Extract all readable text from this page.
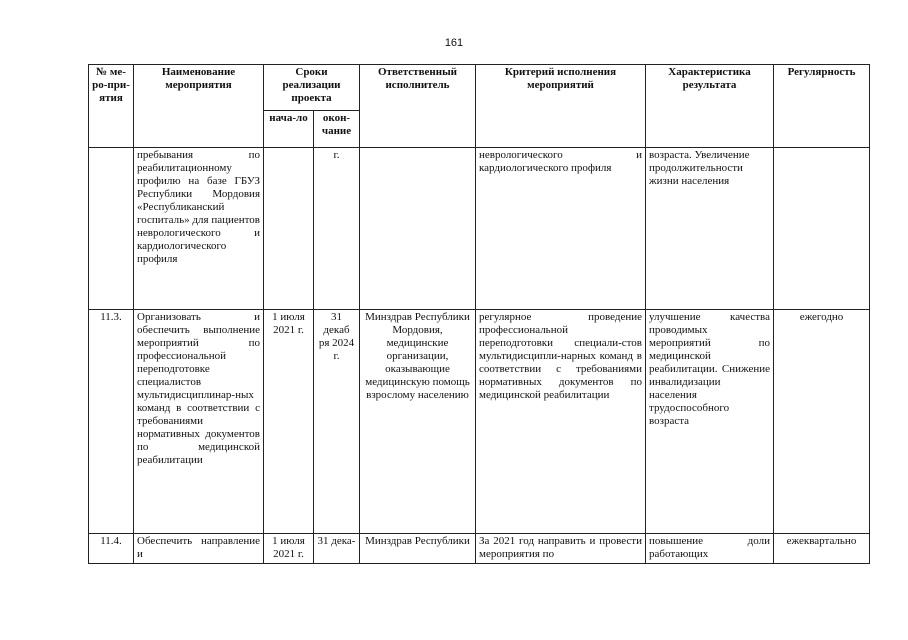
161
№ ме-ро-при-ятия	Наименование мероприятия	Сроки реализации проекта		Ответственный исполнитель	Критерий исполнения мероприятий	Характеристика результата	Регулярность
		нача-ло	окон-чание				
	пребывания по реабилитационному профилю на базе ГБУЗ Республики Мордовия «Республиканский госпиталь» для пациентов неврологического и кардиологического профиля		г.		неврологического и кардиологического профиля	возраста. Увеличение продолжительности жизни населения	
11.3.	Организовать и обеспечить выполнение мероприятий по профессиональной переподготовке специалистов мультидисциплинар-ных команд в соответствии с требованиями нормативных документов по медицинской реабилитации	1 июля 2021 г.	31 декаб ря 2024 г.	Минздрав Республики Мордовия, медицинские организации, оказывающие медицинскую помощь взрослому населению	регулярное проведение профессиональной переподготовки специали-стов мультидисципли-нарных команд в соответствии с требованиями нормативных документов по медицинской реабилитации	улучшение качества проводимых мероприятий по медицинской реабилитации. Снижение инвалидизации населения трудоспособного возраста	ежегодно
11.4.	Обеспечить направление и	1 июля 2021 г.	31 дека-	Минздрав Республики	За 2021 год направить и провести мероприятия по	повышение доли работающих	ежеквартально
